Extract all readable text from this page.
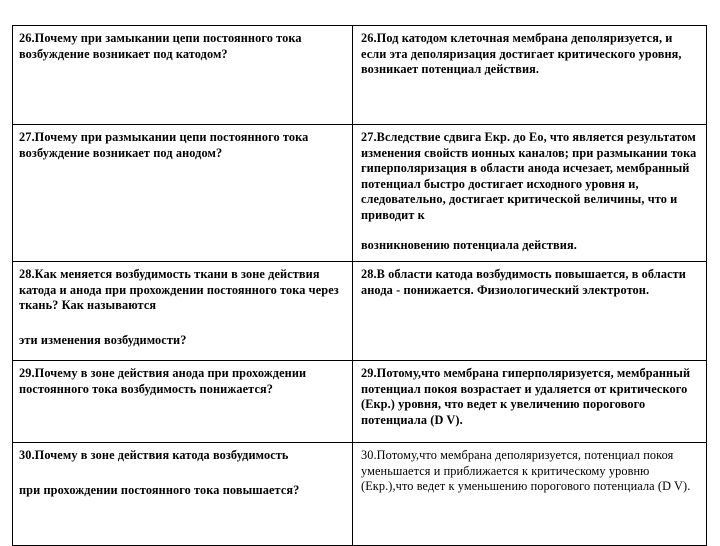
26.Почему при замыкании цепи постоянного тока возбуждение возникает под катодом?	26.Под катодом клеточная мембрана деполяризуется, и если эта деполяризация достигает критического уровня, возникает потенциал действия.

27.Почему при размыкании цепи постоянного тока возбуждение возникает под анодом?	27.Вследствие сдвига Екр. до Ео, что является результатом изменения свойств ионных каналов; при размыкании тока гиперполяризация в области анода исчезает, мембранный потенциал быстро достигает исходного уровня и, следовательно, достигает критической величины, что и приводит к
возникновению потенциала действия.

28.Как меняется возбудимость ткани в зоне действия катода и анода при прохождении постоянного тока через ткань? Как называются
эти изменения возбудимости?	28.В области катода возбудимость повышается, в области анода - понижается. Физиологический электротон.

29.Почему в зоне действия анода при прохождении постоянного тока возбудимость понижается?	29.Потому,что мембрана гиперполяризуется, мембранный потенциал покоя возрастает и удаляется от критического (Екр.) уровня, что ведет к увеличению порогового потенциала (D V).

30.Почему в зоне действия катода возбудимость
при прохождении постоянного тока повышается?	30.Потому,что мембрана деполяризуется, потенциал покоя уменьшается и приближается к критическому уровню (Екр.),что ведет к уменьшению порогового потенциала (D V).
